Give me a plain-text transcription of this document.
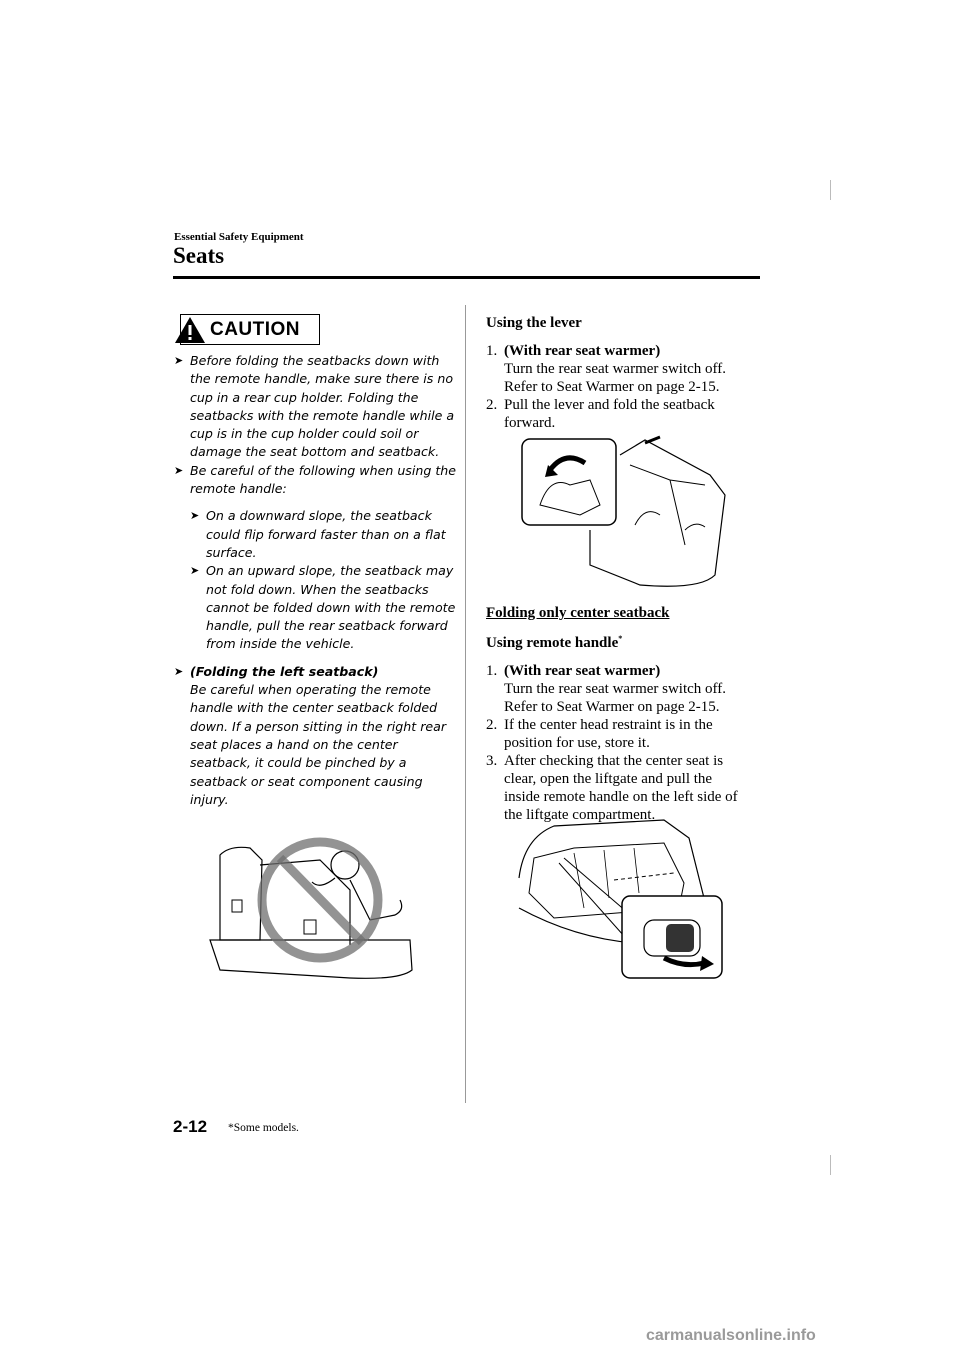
Essential Safety Equipment
Seats
CAUTION
➤ Before folding the seatbacks down with the remote handle, make sure there is no cup in a rear cup holder. Folding the seatbacks with the remote handle while a cup is in the cup holder could soil or damage the seat bottom and seatback.
➤ Be careful of the following when using the remote handle:
➤ On a downward slope, the seatback could flip forward faster than on a flat surface.
➤ On an upward slope, the seatback may not fold down. When the seatbacks cannot be folded down with the remote handle, pull the rear seatback forward from inside the vehicle.
➤ (Folding the left seatback)
Be careful when operating the remote handle with the center seatback folded down. If a person sitting in the right rear seat places a hand on the center seatback, it could be pinched by a seatback or seat component causing injury.
Using the lever
1. (With rear seat warmer)
Turn the rear seat warmer switch off.
Refer to Seat Warmer on page 2-15.
2. Pull the lever and fold the seatback
forward.
Folding only center seatback
Using remote handle*
1. (With rear seat warmer)
Turn the rear seat warmer switch off.
Refer to Seat Warmer on page 2-15.
2. If the center head restraint is in the
position for use, store it.
3. After checking that the center seat is
clear, open the liftgate and pull the
inside remote handle on the left side of
the liftgate compartment.
2-12 *Some models.
carmanualsonline.info
